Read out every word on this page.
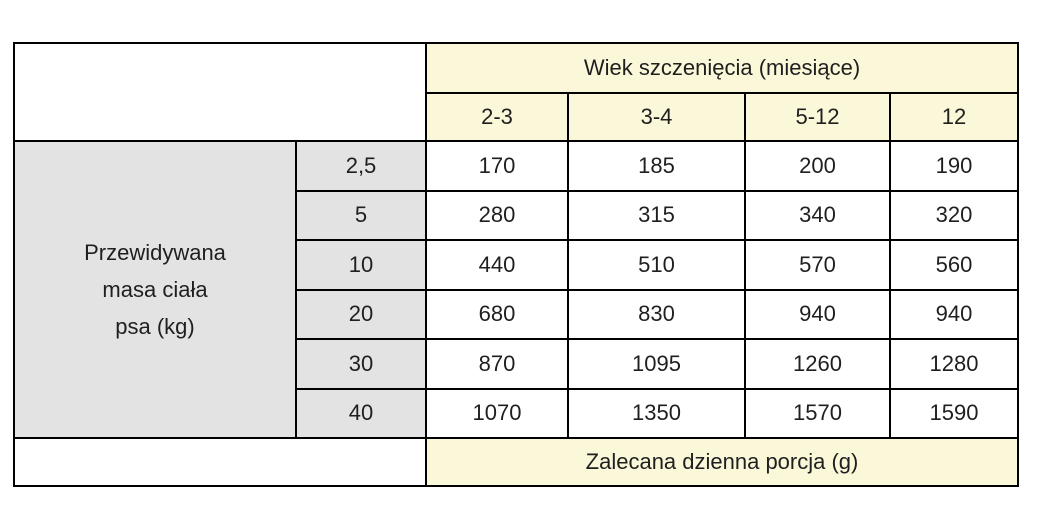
		Wiek szczenięcia (miesiące)			
		2-3	3-4	5-12	12

Przewidywana
masa ciała
psa (kg)	2,5	170	185	200	190
	5	280	315	340	320
	10	440	510	570	560
	20	680	830	940	940
	30	870	1095	1260	1280
	40	1070	1350	1570	1590
		Zalecana dzienna porcja (g)			
